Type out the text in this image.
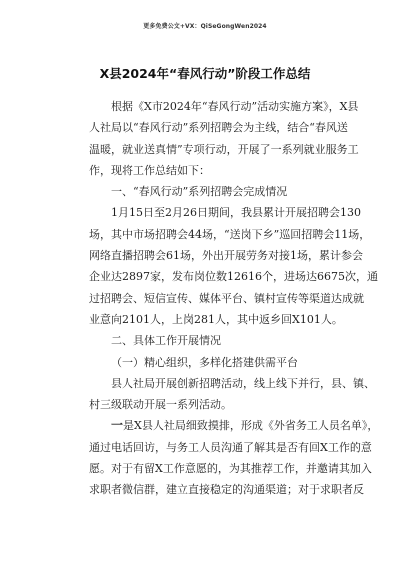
更多免费公文+VX：QiSeGongWen2024
X县2024年“春风行动”阶段工作总结
根据《X市2024年“春风行动”活动实施方案》，X县
人社局以“春风行动”系列招聘会为主线，结合“春风送
温暖，就业送真情”专项行动，开展了一系列就业服务工
作，现将工作总结如下：
一、“春风行动”系列招聘会完成情况
1月15日至2月26日期间，我县累计开展招聘会130
场，其中市场招聘会44场，“送岗下乡”巡回招聘会11场，
网络直播招聘会61场，外出开展劳务对接1场，累计参会
企业达2897家，发布岗位数12616个，进场达6675次，通
过招聘会、短信宣传、媒体平台、镇村宣传等渠道达成就
业意向2101人，上岗281人，其中返乡回X101人。
二、具体工作开展情况
（一）精心组织，多样化搭建供需平台
县人社局开展创新招聘活动，线上线下并行，县、镇、
村三级联动开展一系列活动。
一是X县人社局细致摸排，形成《外省务工人员名单》，
通过电话回访，与务工人员沟通了解其是否有回X工作的意
愿。对于有留X工作意愿的，为其推荐工作，并邀请其加入
求职者微信群，建立直接稳定的沟通渠道；对于求职者反
